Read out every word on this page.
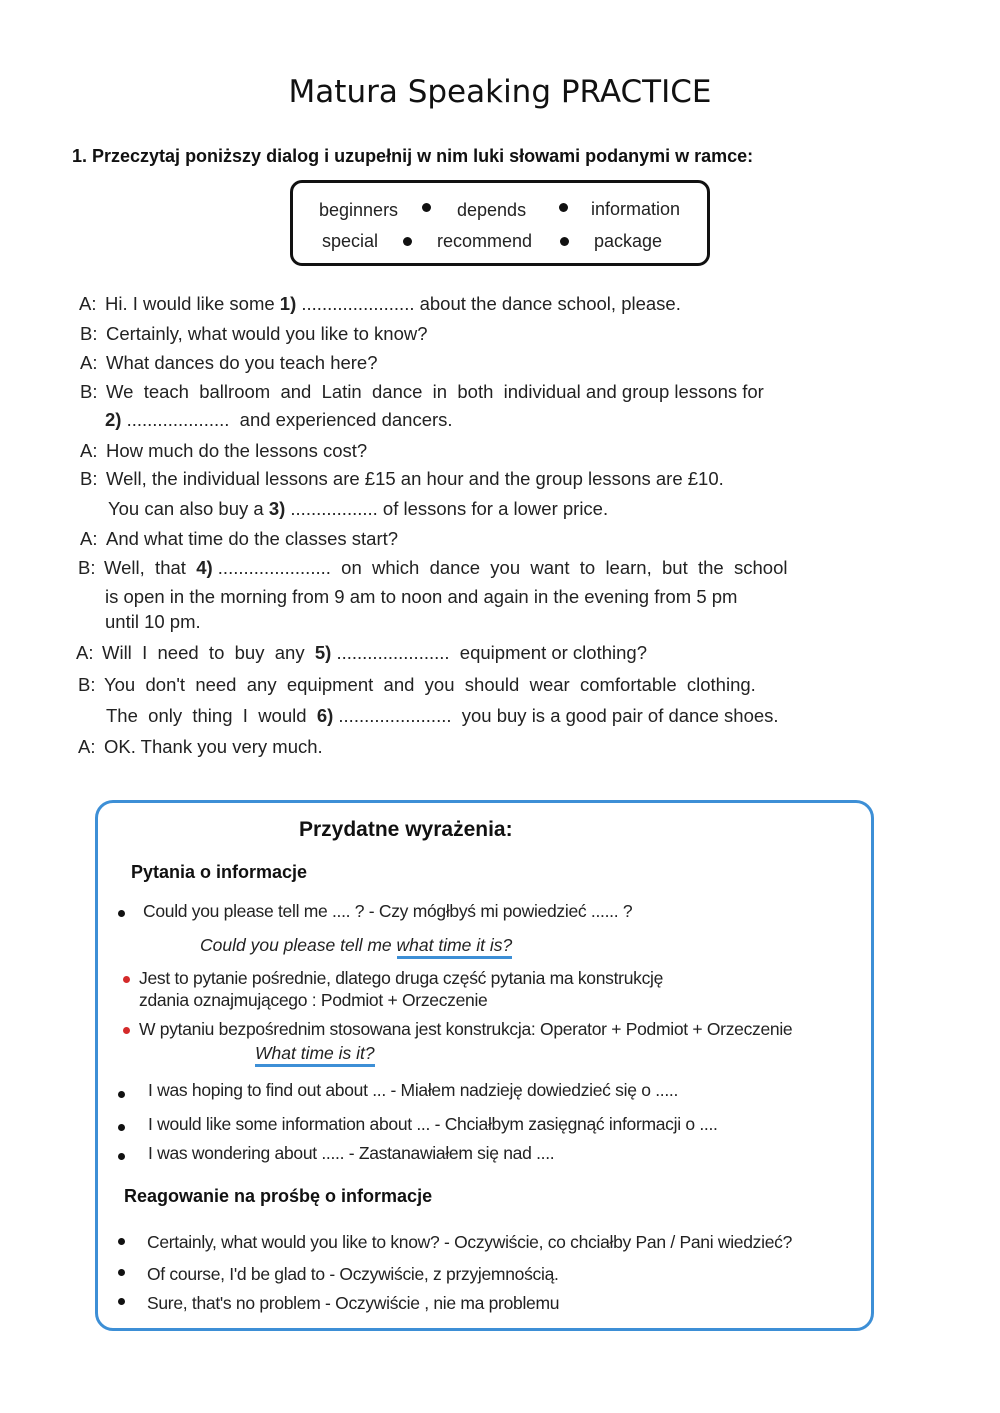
Matura Speaking PRACTICE
1. Przeczytaj poniższy dialog i uzupełnij w nim luki słowami podanymi w ramce:
beginners	depends	information
special	recommend	package
A: Hi. I would like some 1) ...................... about the dance school, please.
B: Certainly, what would you like to know?
A: What dances do you teach here?
B: We  teach  ballroom  and  Latin  dance  in  both  individual and group lessons for
2) ....................  and experienced dancers.
A: How much do the lessons cost?
B: Well, the individual lessons are £15 an hour and the group lessons are £10.
You can also buy a 3) ................. of lessons for a lower price.
A: And what time do the classes start?
B: Well,  that  4) ......................  on  which  dance  you  want  to  learn,  but  the  school
is open in the morning from 9 am to noon and again in the evening from 5 pm
until 10 pm.
A: Will  I  need  to  buy  any  5) ......................  equipment or clothing?
B: You  don't  need  any  equipment  and  you  should  wear  comfortable  clothing.
The  only  thing  I  would  6) ......................  you buy is a good pair of dance shoes.
A: OK. Thank you very much.
Przydatne wyrażenia:
Pytania o informacje
Could you please tell me .... ? - Czy mógłbyś mi powiedzieć ...... ?
Could you please tell me what time it is?
Jest to pytanie pośrednie, dlatego druga część pytania ma konstrukcję
zdania oznajmującego : Podmiot + Orzeczenie
W pytaniu bezpośrednim stosowana jest konstrukcja: Operator + Podmiot + Orzeczenie
What time is it?
I was hoping to find out about ... - Miałem nadzieję dowiedzieć się o .....
I would like some information about ... - Chciałbym zasięgnąć informacji o ....
I was wondering about ..... - Zastanawiałem się nad ....
Reagowanie na prośbę o informacje
Certainly, what would you like to know? - Oczywiście, co chciałby Pan / Pani wiedzieć?
Of course, I'd be glad to - Oczywiście, z przyjemnością.
Sure, that's no problem - Oczywiście , nie ma problemu
